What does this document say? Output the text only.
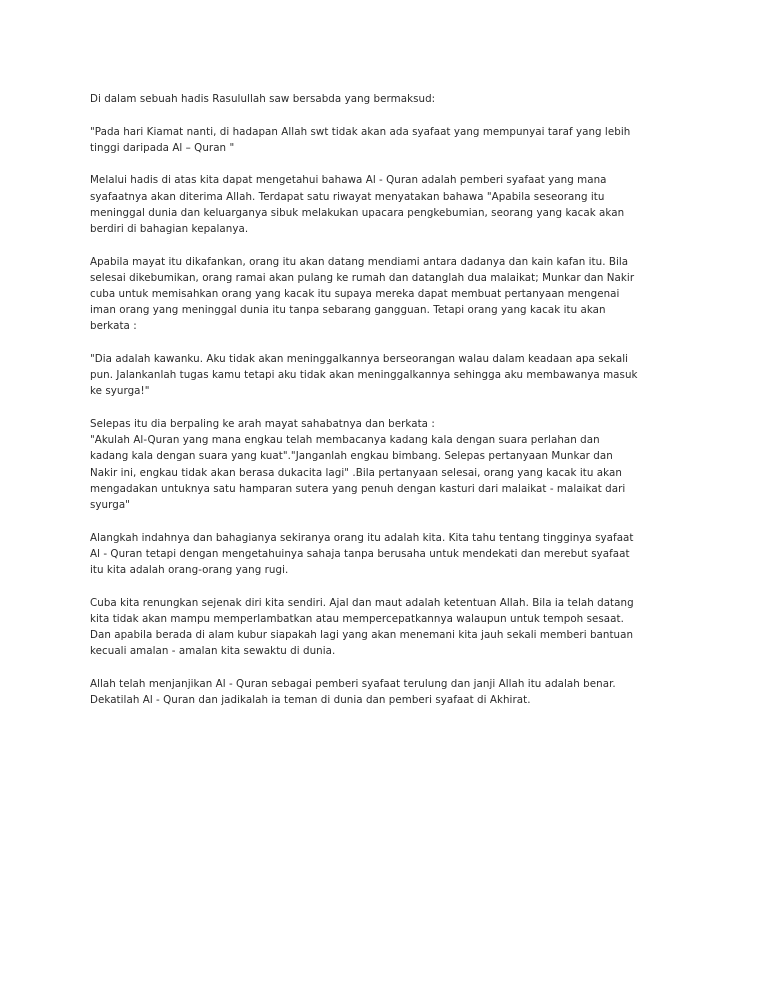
Di dalam sebuah hadis Rasulullah saw bersabda yang bermaksud:

"Pada hari Kiamat nanti, di hadapan Allah swt tidak akan ada syafaat yang mempunyai taraf yang lebih
tinggi daripada Al – Quran "

Melalui hadis di atas kita dapat mengetahui bahawa Al - Quran adalah pemberi syafaat yang mana
syafaatnya akan diterima Allah. Terdapat satu riwayat menyatakan bahawa "Apabila seseorang itu
meninggal dunia dan keluarganya sibuk melakukan upacara pengkebumian, seorang yang kacak akan
berdiri di bahagian kepalanya.

Apabila mayat itu dikafankan, orang itu akan datang mendiami antara dadanya dan kain kafan itu. Bila
selesai dikebumikan, orang ramai akan pulang ke rumah dan datanglah dua malaikat; Munkar dan Nakir
cuba untuk memisahkan orang yang kacak itu supaya mereka dapat membuat pertanyaan mengenai
iman orang yang meninggal dunia itu tanpa sebarang gangguan. Tetapi orang yang kacak itu akan
berkata :

"Dia adalah kawanku. Aku tidak akan meninggalkannya berseorangan walau dalam keadaan apa sekali
pun. Jalankanlah tugas kamu tetapi aku tidak akan meninggalkannya sehingga aku membawanya masuk
ke syurga!"

Selepas itu dia berpaling ke arah mayat sahabatnya dan berkata :
"Akulah Al-Quran yang mana engkau telah membacanya kadang kala dengan suara perlahan dan
kadang kala dengan suara yang kuat"."Janganlah engkau bimbang. Selepas pertanyaan Munkar dan
Nakir ini, engkau tidak akan berasa dukacita lagi" .Bila pertanyaan selesai, orang yang kacak itu akan
mengadakan untuknya satu hamparan sutera yang penuh dengan kasturi dari malaikat - malaikat dari
syurga"

Alangkah indahnya dan bahagianya sekiranya orang itu adalah kita. Kita tahu tentang tingginya syafaat
Al - Quran tetapi dengan mengetahuinya sahaja tanpa berusaha untuk mendekati dan merebut syafaat
itu kita adalah orang-orang yang rugi.

Cuba kita renungkan sejenak diri kita sendiri. Ajal dan maut adalah ketentuan Allah. Bila ia telah datang
kita tidak akan mampu memperlambatkan atau mempercepatkannya walaupun untuk tempoh sesaat.
Dan apabila berada di alam kubur siapakah lagi yang akan menemani kita jauh sekali memberi bantuan
kecuali amalan - amalan kita sewaktu di dunia.

Allah telah menjanjikan Al - Quran sebagai pemberi syafaat terulung dan janji Allah itu adalah benar.
Dekatilah Al - Quran dan jadikalah ia teman di dunia dan pemberi syafaat di Akhirat.
